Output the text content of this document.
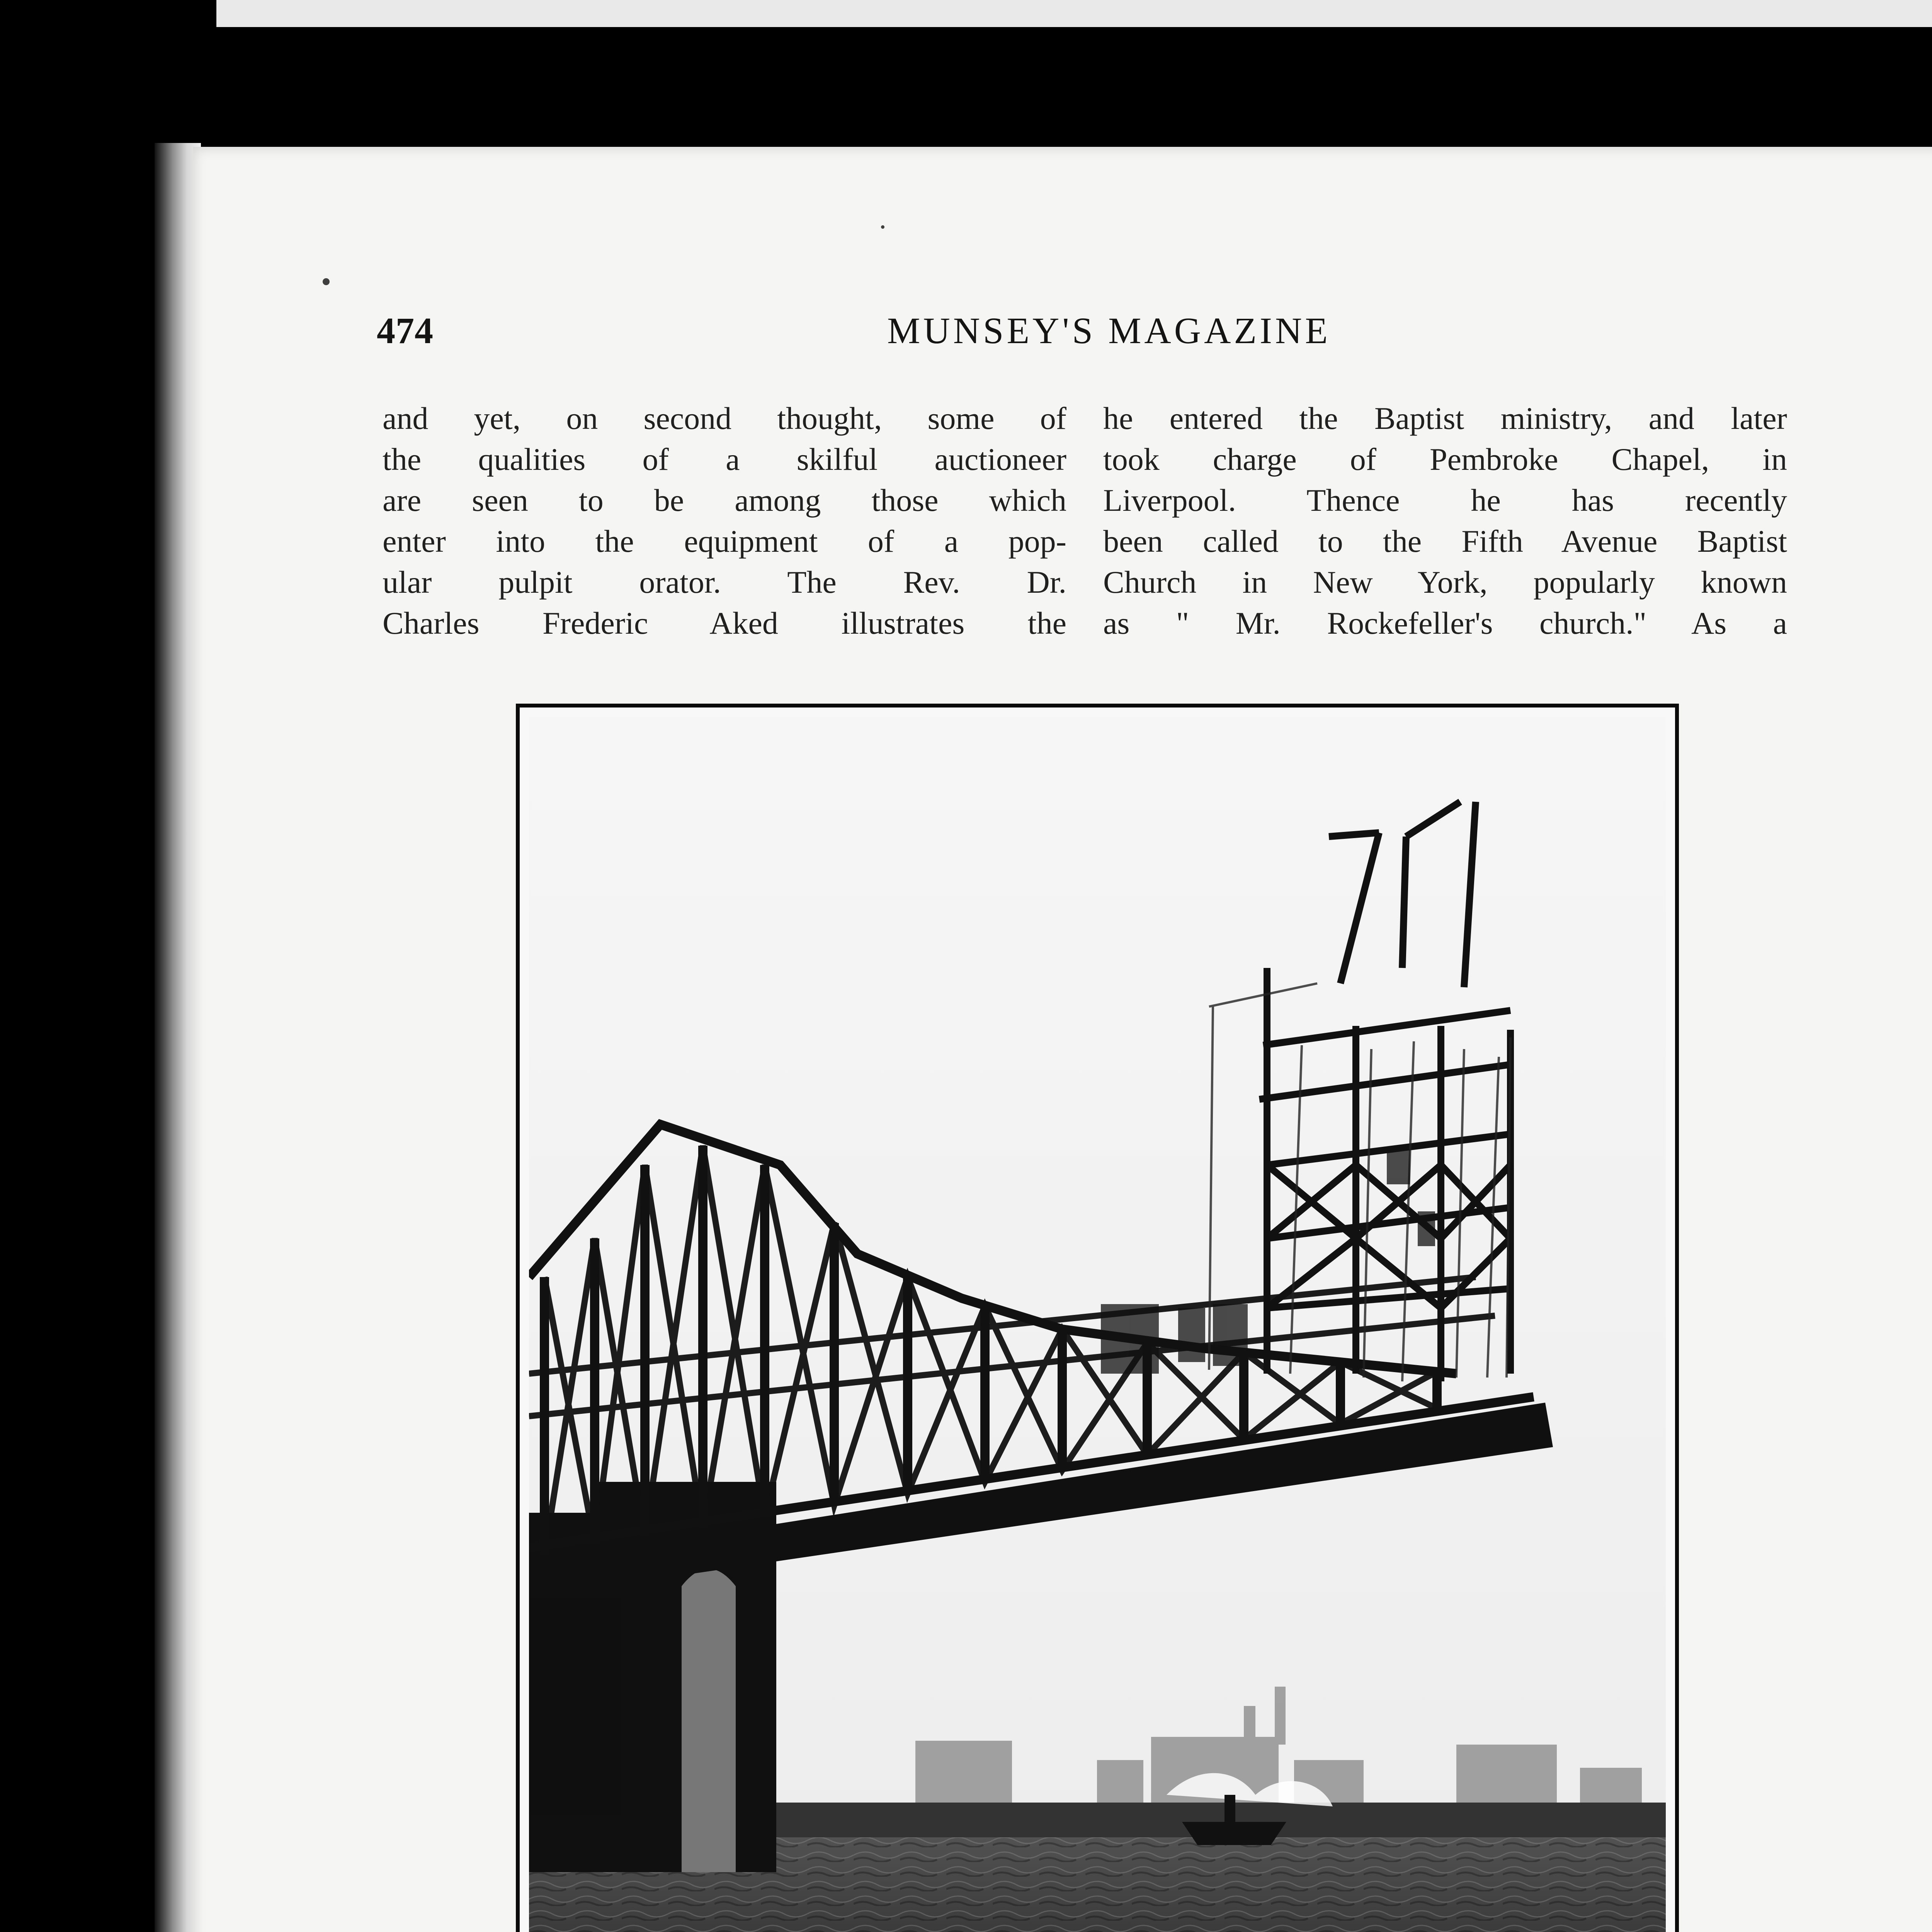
474	MUNSEY'S MAGAZINE
and yet, on second thought, some of
the qualities of a skilful auctioneer
are seen to be among those which
enter into the equipment of a pop-
ular pulpit orator. The Rev. Dr.
Charles Frederic Aked illustrates the
he entered the Baptist ministry, and later
took charge of Pembroke Chapel, in
Liverpool. Thence he has recently
been called to the Fifth Avenue Baptist
Church in New York, popularly known
as " Mr. Rockefeller's church." As a
